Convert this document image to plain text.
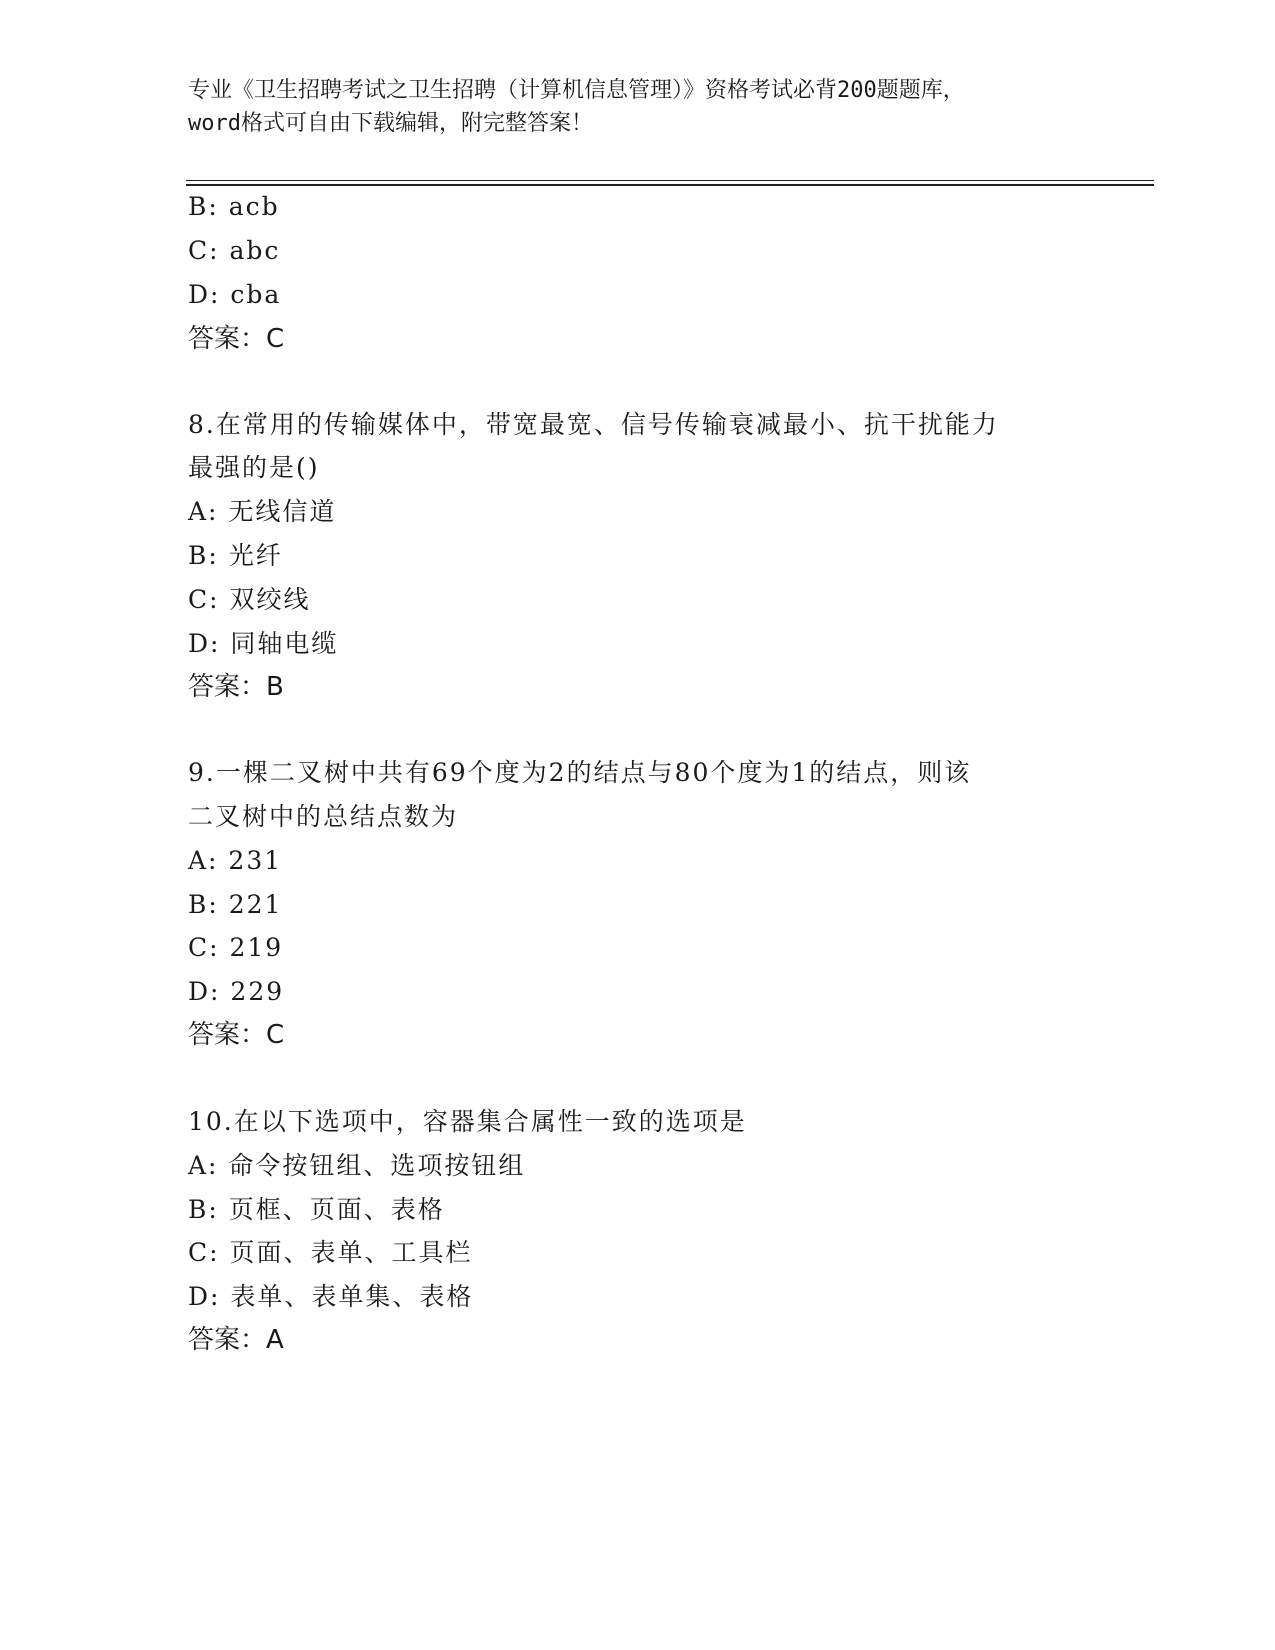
专业《卫生招聘考试之卫生招聘（计算机信息管理）》资格考试必背200题题库，
word格式可自由下载编辑，附完整答案！
B: acb
C: abc
D: cba
答案：C
8.在常用的传输媒体中，带宽最宽、信号传输衰减最小、抗干扰能力
最强的是()
A: 无线信道
B: 光纤
C: 双绞线
D: 同轴电缆
答案：B
9.一棵二叉树中共有69个度为2的结点与80个度为1的结点，则该
二叉树中的总结点数为
A: 231
B: 221
C: 219
D: 229
答案：C
10.在以下选项中，容器集合属性一致的选项是
A: 命令按钮组、选项按钮组
B: 页框、页面、表格
C: 页面、表单、工具栏
D: 表单、表单集、表格
答案：A
